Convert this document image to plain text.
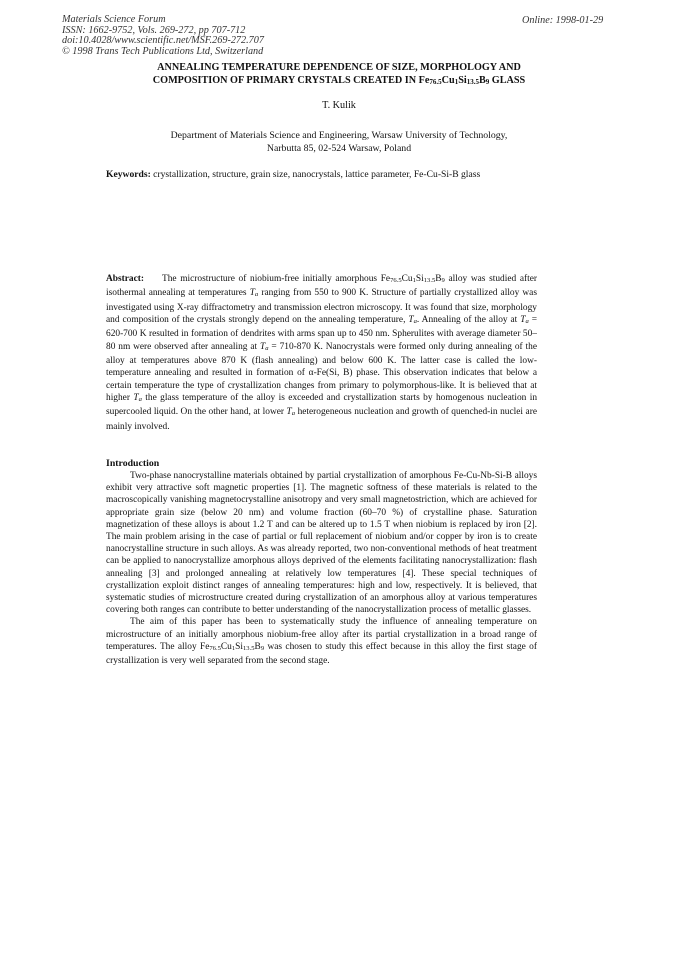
Materials Science Forum
ISSN: 1662-9752, Vols. 269-272, pp 707-712
doi:10.4028/www.scientific.net/MSF.269-272.707
© 1998 Trans Tech Publications Ltd, Switzerland
Online: 1998-01-29
ANNEALING TEMPERATURE DEPENDENCE OF SIZE, MORPHOLOGY AND
COMPOSITION OF PRIMARY CRYSTALS CREATED IN $Fe_{76.5}Cu_1Si_{13.5}B_9$ GLASS
T. Kulik
Department of Materials Science and Engineering, Warsaw University of Technology,
Narbutta 85, 02-524 Warsaw, Poland
Keywords: crystallization, structure, grain size, nanocrystals, lattice parameter, Fe-Cu-Si-B glass
Abstract: The microstructure of niobium-free initially amorphous $Fe_{76.5}Cu_1Si_{13.5}B_9$ alloy was studied after isothermal annealing at temperatures $T_a$ ranging from 550 to 900 K. Structure of partially crystallized alloy was investigated using X-ray diffractometry and transmission electron microscopy. It was found that size, morphology and composition of the crystals strongly depend on the annealing temperature, $T_a$. Annealing of the alloy at $T_a = 620-700$ K resulted in formation of dendrites with arms span up to 450 nm. Spherulites with average diameter 50–80 nm were observed after annealing at $T_a = 710-870$ K. Nanocrystals were formed only during annealing of the alloy at temperatures above 870 K (flash annealing) and below 600 K. The latter case is called the low-temperature annealing and resulted in formation of α-Fe(Si, B) phase. This observation indicates that below a certain temperature the type of crystallization changes from primary to polymorphous-like. It is believed that at higher $T_a$ the glass temperature of the alloy is exceeded and crystallization starts by homogenous nucleation in supercooled liquid. On the other hand, at lower $T_a$ heterogeneous nucleation and growth of quenched-in nuclei are mainly involved.
Introduction

Two-phase nanocrystalline materials obtained by partial crystallization of amorphous Fe-Cu-Nb-Si-B alloys exhibit very attractive soft magnetic properties [1]. The magnetic softness of these materials is related to the macroscopically vanishing magnetocrystalline anisotropy and very small magnetostriction, which are achieved for appropriate grain size (below 20 nm) and volume fraction (60–70 %) of crystalline phase. Saturation magnetization of these alloys is about 1.2 T and can be altered up to 1.5 T when niobium is replaced by iron [2]. The main problem arising in the case of partial or full replacement of niobium and/or copper by iron is to create nanocrystalline structure in such alloys. As was already reported, two non-conventional methods of heat treatment can be applied to nanocrystallize amorphous alloys deprived of the elements facilitating nanocrystallization: flash annealing [3] and prolonged annealing at relatively low temperatures [4]. These special techniques of crystallization exploit distinct ranges of annealing temperatures: high and low, respectively. It is believed, that systematic studies of microstructure created during crystallization of an amorphous alloy at various temperatures covering both ranges can contribute to better understanding of the nanocrystallization process of metallic glasses.

The aim of this paper has been to systematically study the influence of annealing temperature on microstructure of an initially amorphous niobium-free alloy after its partial crystallization in a broad range of temperatures. The alloy $Fe_{76.5}Cu_1Si_{13.5}B_9$ was chosen to study this effect because in this alloy the first stage of crystallization is very well separated from the second stage.
